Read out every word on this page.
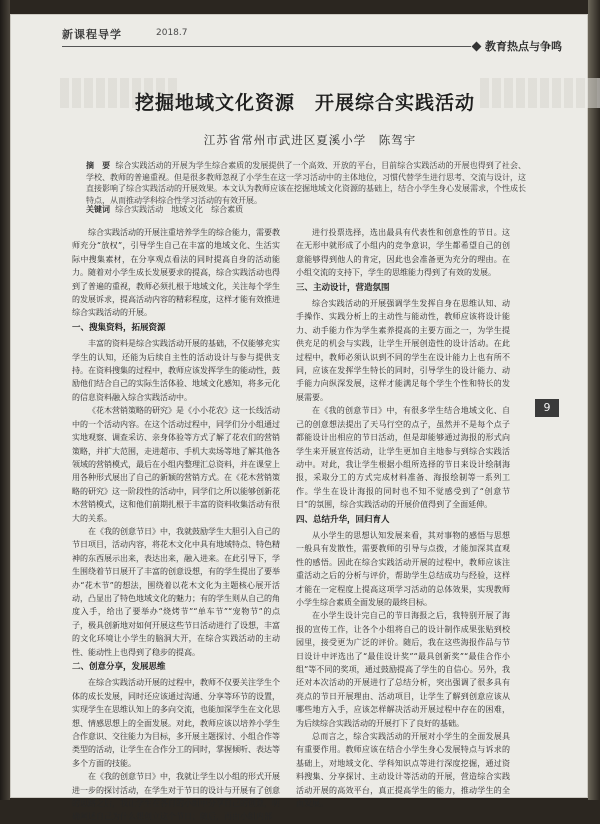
新课程导学	2018.7
教育热点与争鸣
挖掘地域文化资源　开展综合实践活动
江苏省常州市武进区夏溪小学　陈驾宇
摘　要 综合实践活动的开展为学生综合素质的发展提供了一个高效、开放的平台，目前综合实践活动的开展也得到了社会、学校、教师的普遍重视。但是很多教师忽视了小学生在这一学习活动中的主体地位，习惯代替学生进行思考、交流与设计，这直接影响了综合实践活动的开展效果。本文认为教师应该在挖掘地域文化资源的基础上，结合小学生身心发展需求，个性成长特点，从而推动学科综合性学习活动的有效开展。
关键词 综合实践活动　地域文化　综合素质

综合实践活动的开展注重培养学生的综合能力，需要教师充分“放权”，引导学生自己在丰富的地域文化、生活实际中搜集素材，在分享观点看法的同时提高自身的活动能力。随着对小学生成长发展要求的提高，综合实践活动也得到了普遍的重视，教师必须扎根于地域文化，关注每个学生的发展诉求，提高活动内容的精彩程度，这样才能有效推进综合实践活动的开展。

一、搜集资料，拓展资源

丰富的资料是综合实践活动开展的基础，不仅能够充实学生的认知，还能为后续自主性的活动设计与参与提供支持。在资料搜集的过程中，教师应该发挥学生的能动性，鼓励他们结合自己的实际生活体验、地域文化感知，将多元化的信息资料融入综合实践活动中。

《花木营销策略的研究》是《小小花农》这一长线活动中的一个活动内容。在这个活动过程中，同学们分小组通过实地观察、调查采访、亲身体验等方式了解了花农们的营销策略，并扩大范围，走进超市、手机大卖场等地了解其他各领域的营销模式，最后在小组内整理汇总资料，并在课堂上用各种形式展出了自己的新颖的营销方式。在《花木营销策略的研究》这一阶段性的活动中，同学们之所以能够创新花木营销模式，这和他们前期扎根于丰富的资料收集活动有很大的关系。

在《我的创意节日》中，我就鼓励学生大胆引入自己的节日项目，活动内容，将花木文化中具有地域特点、特色精神的东西展示出来，表达出来，融入进来。在此引导下，学生围绕着节日展开了丰富的创意设想，有的学生提出了要举办“花木节”的想法，围绕着以花木文化为主题核心展开活动，凸显出了特色地域文化的魅力；有的学生则从自己的角度入手，给出了要举办“烧烤节”“单车节”“宠物节”的点子，极具创新地对如何开展这些节日活动进行了设想，丰富的文化环境让小学生的脑洞大开，在综合实践活动的主动性、能动性上也得到了稳步的提高。

二、创意分享，发展思维

在综合实践活动开展的过程中，教师不仅要关注学生个体的成长发展，同时还应该通过沟通、分享等环节的设置，实现学生在思维认知上的多向交流，也能加深学生在文化思想、情感思想上的全面发展。对此，教师应该以培养小学生合作意识、交往能力为目标，多开展主题探讨、小组合作等类型的活动，让学生在合作分工的同时，掌握倾听、表达等多个方面的技能。

在《我的创意节日》中，我就让学生以小组的形式开展进一步的探讨活动，在学生对于节日的设计与开展有了创意的思路之后，我让学生在各自的小组中分享自己的创意，明确阐述自己为什么想创立这个节日；随后，再由小组内部

进行投票选择，选出最具有代表性和创意性的节日。这在无形中就形成了小组内的竞争意识，学生都希望自己的创意能够得到他人的肯定，因此也会准备更为充分的理由。在小组交流的支持下，学生的思维能力得到了有效的发展。

三、主动设计，营造氛围

综合实践活动的开展强调学生发挥自身在思维认知、动手操作、实践分析上的主动性与能动性，教师应该将设计能力、动手能力作为学生素养提高的主要方面之一，为学生提供充足的机会与实践，让学生开展创造性的设计活动。在此过程中，教师必须认识到不同的学生在设计能力上也有所不同，应该在发挥学生特长的同时，引导学生的设计能力、动手能力向纵深发展，这样才能满足每个学生个性和特长的发展需要。

在《我的创意节日》中，有很多学生结合地域文化、自己的创意想法提出了天马行空的点子，虽然并不是每个点子都能设计出相应的节日活动，但是却能够通过海报的形式向学生来开展宣传活动，让学生更加自主地参与到综合实践活动中。对此，我让学生根据小组所选择的节日来设计绘制海报，采取分工的方式完成材料准备、海报绘制等一系列工作。学生在设计海报的同时也不知不觉感受到了“创意节日”的氛围，综合实践活动的开展价值得到了全面延伸。

四、总结升华，回归育人

从小学生的思想认知发展来看，其对事物的感悟与思想一般具有发散性，需要教师的引导与点拨，才能加深其直观性的感悟。因此在综合实践活动开展的过程中，教师应该注重活动之后的分析与评价，帮助学生总结成功与经验，这样才能在一定程度上提高这项学习活动的总体效果，实现教师小学生综合素质全面发展的最终目标。

在小学生设计完自己的节日海报之后，我特别开展了海报的宣传工作，让各个小组将自己的设计制作成果张贴到校园里，接受更为广泛的评价。随后，我在这些海报作品与节日设计中评选出了“最佳设计奖”“最具创新奖”“最佳合作小组”等不同的奖项，通过鼓励提高了学生的自信心。另外，我还对本次活动的开展进行了总结分析，突出强调了很多具有亮点的节日开展理由、活动项目，让学生了解到创意应该从哪些地方入手，应该怎样解决活动开展过程中存在的困难，为后续综合实践活动的开展打下了良好的基础。

总而言之，综合实践活动的开展对小学生的全面发展具有重要作用。教师应该在结合小学生身心发展特点与诉求的基础上，对地域文化、学科知识点等进行深度挖掘，通过资料搜集、分享探讨、主动设计等活动的开展，营造综合实践活动开展的高效平台，真正提高学生的能力，推动学生的全面发展。

9
